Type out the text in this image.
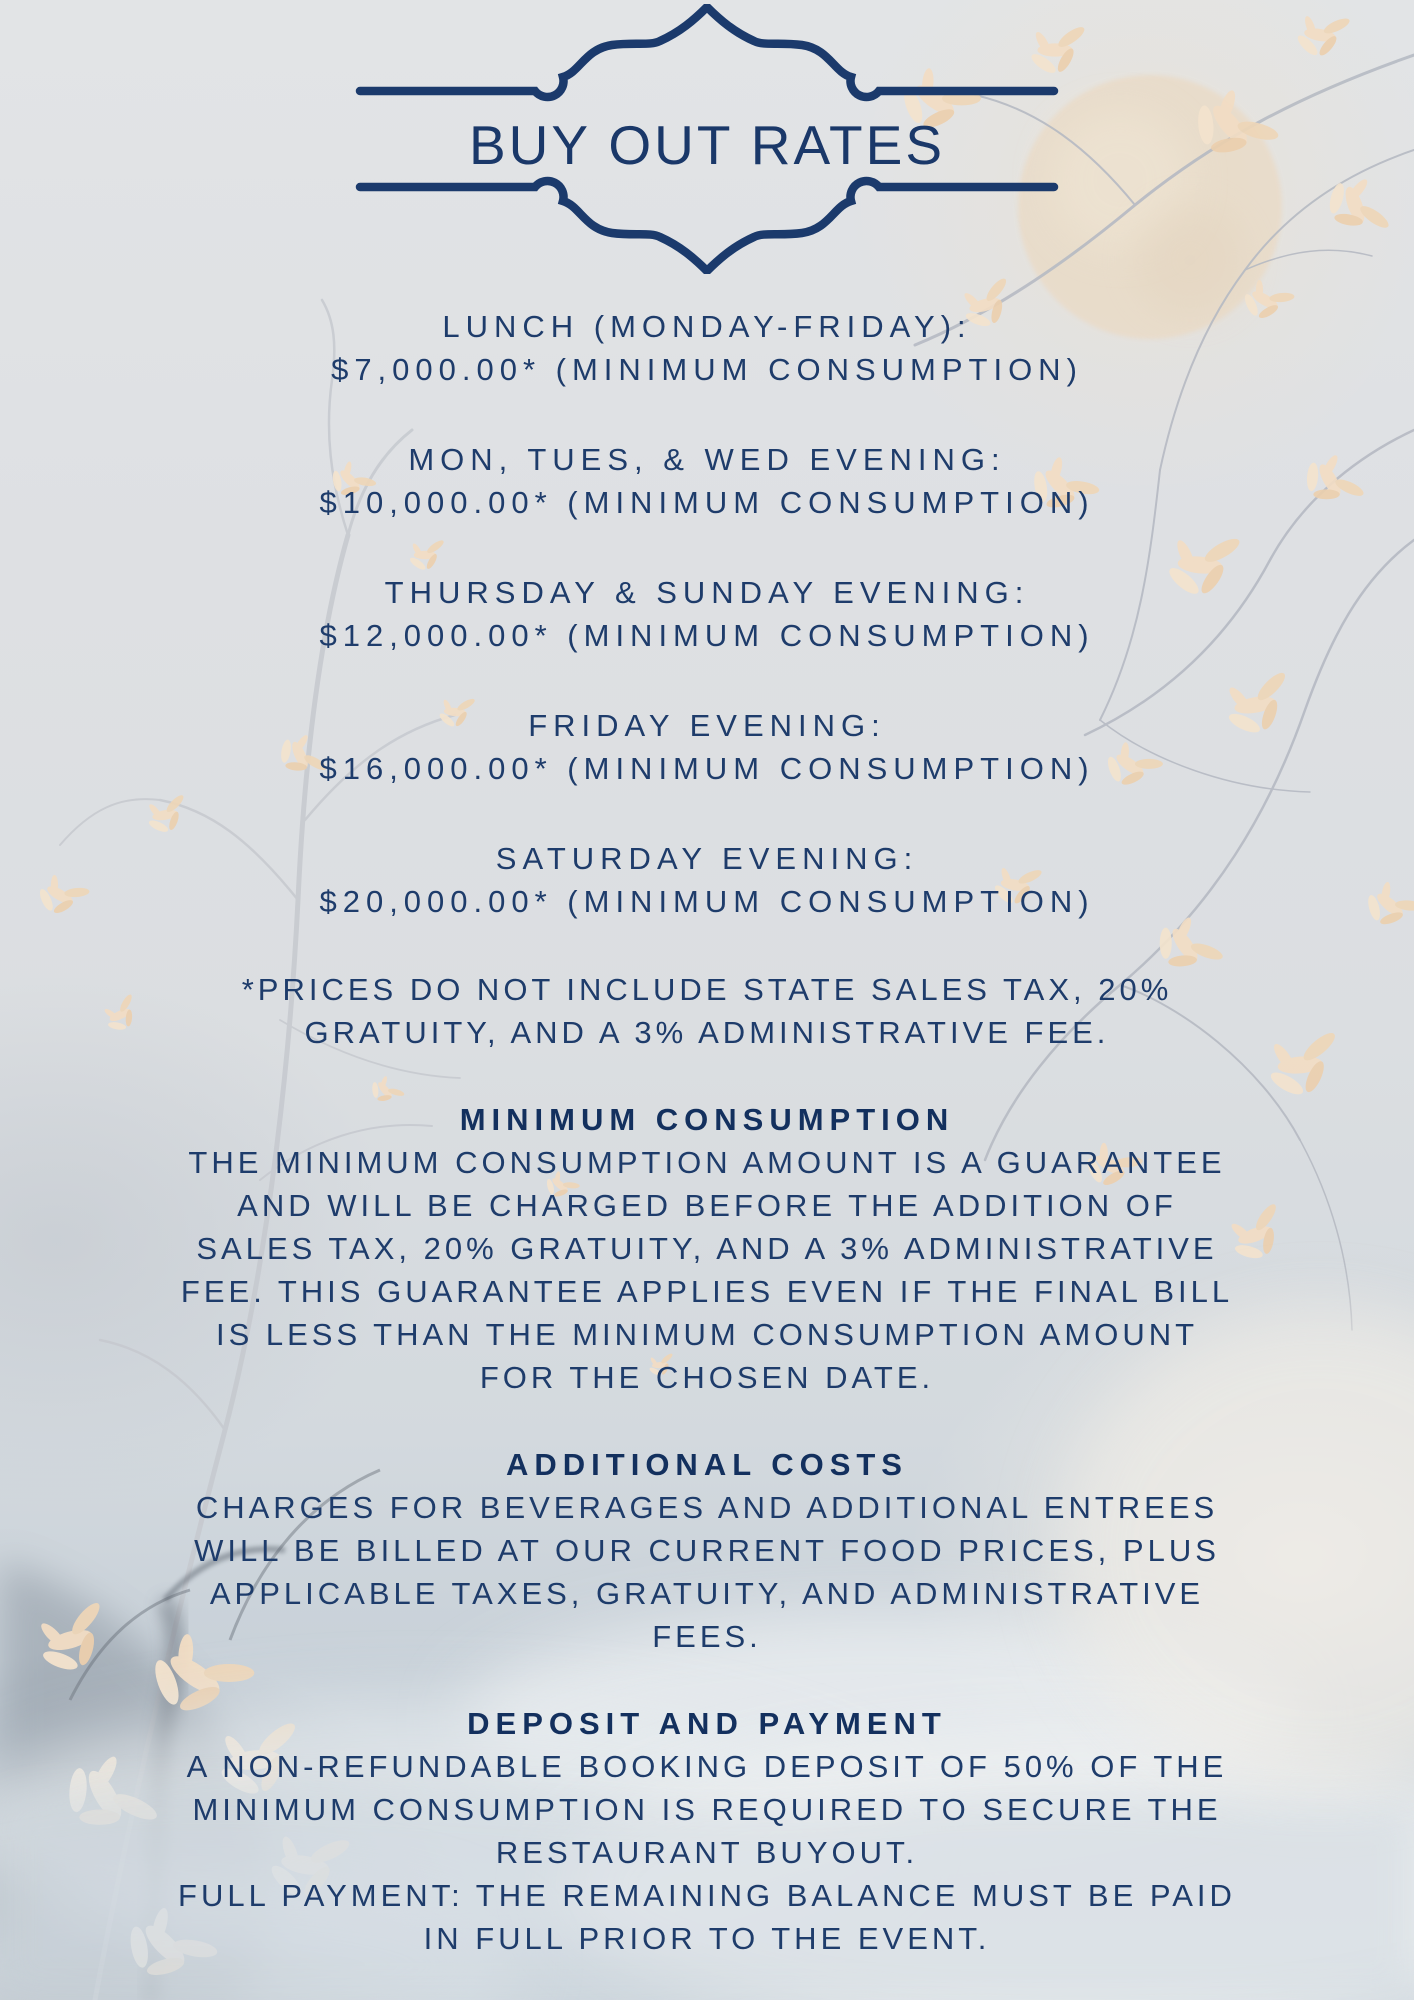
BUY OUT RATES
LUNCH (MONDAY-FRIDAY):
$7,000.00* (MINIMUM CONSUMPTION)
MON, TUES, & WED EVENING:
$10,000.00* (MINIMUM CONSUMPTION)
THURSDAY & SUNDAY EVENING:
$12,000.00* (MINIMUM CONSUMPTION)
FRIDAY EVENING:
$16,000.00* (MINIMUM CONSUMPTION)
SATURDAY EVENING:
$20,000.00* (MINIMUM CONSUMPTION)
*PRICES DO NOT INCLUDE STATE SALES TAX, 20%
GRATUITY, AND A 3% ADMINISTRATIVE FEE.
MINIMUM CONSUMPTION
THE MINIMUM CONSUMPTION AMOUNT IS A GUARANTEE
AND WILL BE CHARGED BEFORE THE ADDITION OF
SALES TAX, 20% GRATUITY, AND A 3% ADMINISTRATIVE
FEE. THIS GUARANTEE APPLIES EVEN IF THE FINAL BILL
IS LESS THAN THE MINIMUM CONSUMPTION AMOUNT
FOR THE CHOSEN DATE.
ADDITIONAL COSTS
CHARGES FOR BEVERAGES AND ADDITIONAL ENTREES
WILL BE BILLED AT OUR CURRENT FOOD PRICES, PLUS
APPLICABLE TAXES, GRATUITY, AND ADMINISTRATIVE
FEES.
DEPOSIT AND PAYMENT
A NON-REFUNDABLE BOOKING DEPOSIT OF 50% OF THE
MINIMUM CONSUMPTION IS REQUIRED TO SECURE THE
RESTAURANT BUYOUT.
FULL PAYMENT: THE REMAINING BALANCE MUST BE PAID
IN FULL PRIOR TO THE EVENT.
